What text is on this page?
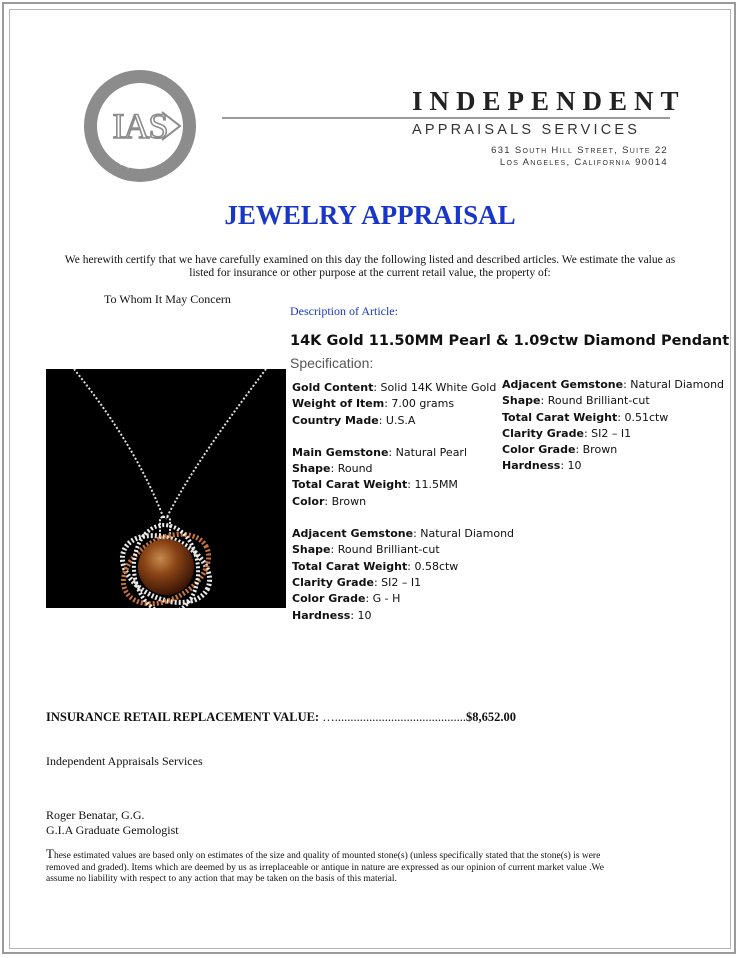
IAS
Appraisal
INDEPENDENT
APPRAISALS SERVICES
631 South Hill Street, Suite 22
Los Angeles, California 90014
JEWELRY APPRAISAL
We herewith certify that we have carefully examined on this day the following listed and described articles. We estimate the value as listed for insurance or other purpose at the current retail value, the property of:
To Whom It May Concern
Description of Article:
14K Gold 11.50MM Pearl & 1.09ctw Diamond Pendant
Specification:
Gold Content: Solid 14K White Gold
Weight of Item: 7.00 grams
Country Made: U.S.A
Main Gemstone: Natural Pearl
Shape: Round
Total Carat Weight: 11.5MM
Color: Brown
Adjacent Gemstone: Natural Diamond
Shape: Round Brilliant-cut
Total Carat Weight: 0.58ctw
Clarity Grade: SI2 – I1
Color Grade: G - H
Hardness: 10
Adjacent Gemstone: Natural Diamond
Shape: Round Brilliant-cut
Total Carat Weight: 0.51ctw
Clarity Grade: SI2 – I1
Color Grade: Brown
Hardness: 10
INSURANCE RETAIL REPLACEMENT VALUE: …..........................................$8,652.00
Independent Appraisals Services
Roger Benatar, G.G.
G.I.A Graduate Gemologist
These estimated values are based only on estimates of the size and quality of mounted stone(s) (unless specifically stated that the stone(s) is were removed and graded). Items which are deemed by us as irreplaceable or antique in nature are expressed as our opinion of current market value .We assume no liability with respect to any action that may be taken on the basis of this material.
